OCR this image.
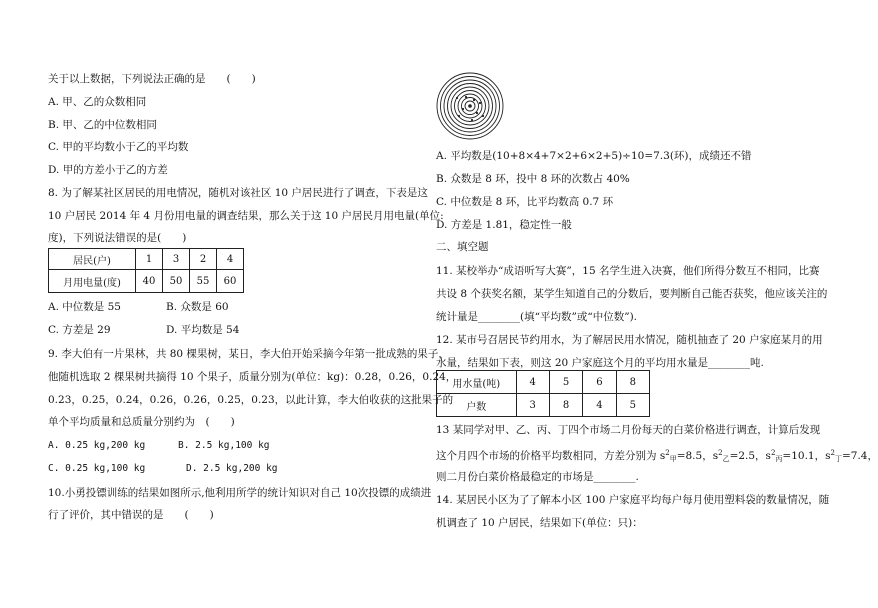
关于以上数据，下列说法正确的是　　(　　)
A. 甲、乙的众数相同
B. 甲、乙的中位数相同
C. 甲的平均数小于乙的平均数
D. 甲的方差小于乙的方差
8. 为了解某社区居民的用电情况，随机对该社区 10 户居民进行了调查，下表是这
10 户居民 2014 年 4 月份用电量的调查结果，那么关于这 10 户居民月用电量(单位:
度)，下列说法错误的是(　　)
居民(户)	1	3	2	4
月用电量(度)	40	50	55	60
A. 中位数是 55	B. 众数是 60
C. 方差是 29	D. 平均数是 54
9. 李大伯有一片果林，共 80 棵果树，某日，李大伯开始采摘今年第一批成熟的果子，
他随机选取 2 棵果树共摘得 10 个果子，质量分别为(单位：kg)：0.28，0.26，0.24，
0.23，0.25，0.24，0.26，0.26，0.25，0.23，以此计算，李大伯收获的这批果子的
单个平均质量和总质量分别约为　(　　)
A. 0.25 kg,200 kg	B. 2.5 kg,100 kg
C. 0.25 kg,100 kg	D. 2.5 kg,200 kg
10.小勇投镖训练的结果如图所示,他利用所学的统计知识对自己 10次投镖的成绩进
行了评价，其中错误的是　　(　　)
A. 平均数是(10+8×4+7×2+6×2+5)÷10=7.3(环)，成绩还不错
B. 众数是 8 环，投中 8 环的次数占 40%
C. 中位数是 8 环，比平均数高 0.7 环
D. 方差是 1.81，稳定性一般
二、填空题
11. 某校举办“成语听写大赛”，15 名学生进入决赛，他们所得分数互不相同，比赛
共设 8 个获奖名额，某学生知道自己的分数后，要判断自己能否获奖，他应该关注的
统计量是________(填“平均数”或“中位数”).
12. 某市号召居民节约用水，为了解居民用水情况，随机抽查了 20 户家庭某月的用
水量，结果如下表，则这 20 户家庭这个月的平均用水量是________吨.
用水量(吨)	4	5	6	8
户数	3	8	4	5
13 某同学对甲、乙、丙、丁四个市场二月份每天的白菜价格进行调查，计算后发现
这个月四个市场的价格平均数相同，方差分别为 $s^2_甲=8.5$，$s^2_乙=2.5$，$s^2_丙=10.1$，$s^2_丁=7.4$，
则二月份白菜价格最稳定的市场是________.
14. 某居民小区为了了解本小区 100 户家庭平均每户每月使用塑料袋的数量情况，随
机调查了 10 户居民，结果如下(单位：只)：
